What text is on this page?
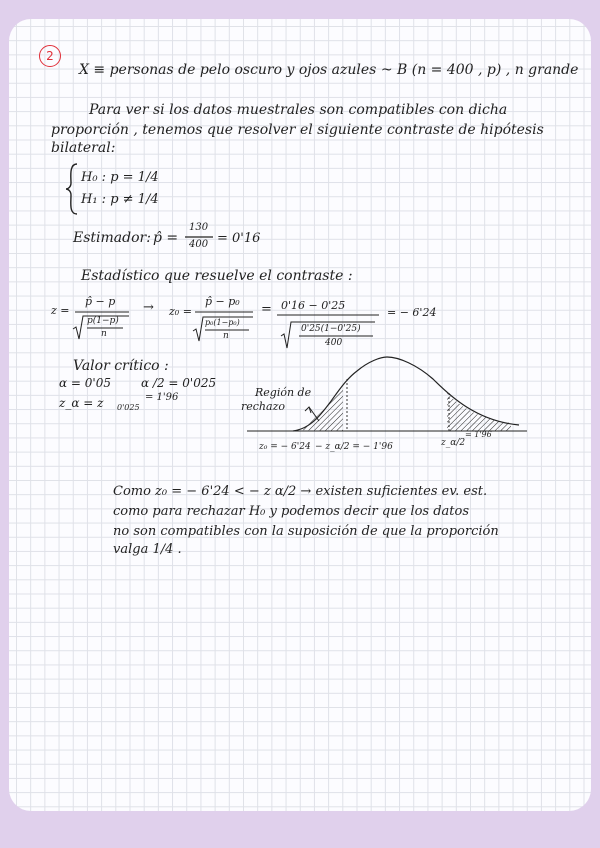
2
X ≡ personas de pelo oscuro y ojos azules ~ B (n = 400 , p) , n grande
Para ver si los datos muestrales son compatibles con dicha
proporción , tenemos que resolver el siguiente contraste de hipótesis
bilateral:
H₀ : p = 1/4
H₁ : p ≠ 1/4
Estimador: p̂ =
130
400 = 0'16
Estadístico que resuelve el contraste :
z =
p̂ − p
p(1−p)
n
→ z₀ =
p̂ − p₀
p₀(1−p₀)
n
= 0'16 − 0'25
0'25(1−0'25)
400
= − 6'24
Valor crítico :
α = 0'05	α /2 = 0'025
z_α = z 0'025
= 1'96	Región de
rechazo
z₀ = − 6'24 − z_α/2 = − 1'96	z_α/2
= 1'96
Como z₀ = − 6'24 < − z α/2 → existen suficientes ev. est.
como para rechazar H₀ y podemos decir que los datos
no son compatibles con la suposición de que la proporción
valga 1/4 .
